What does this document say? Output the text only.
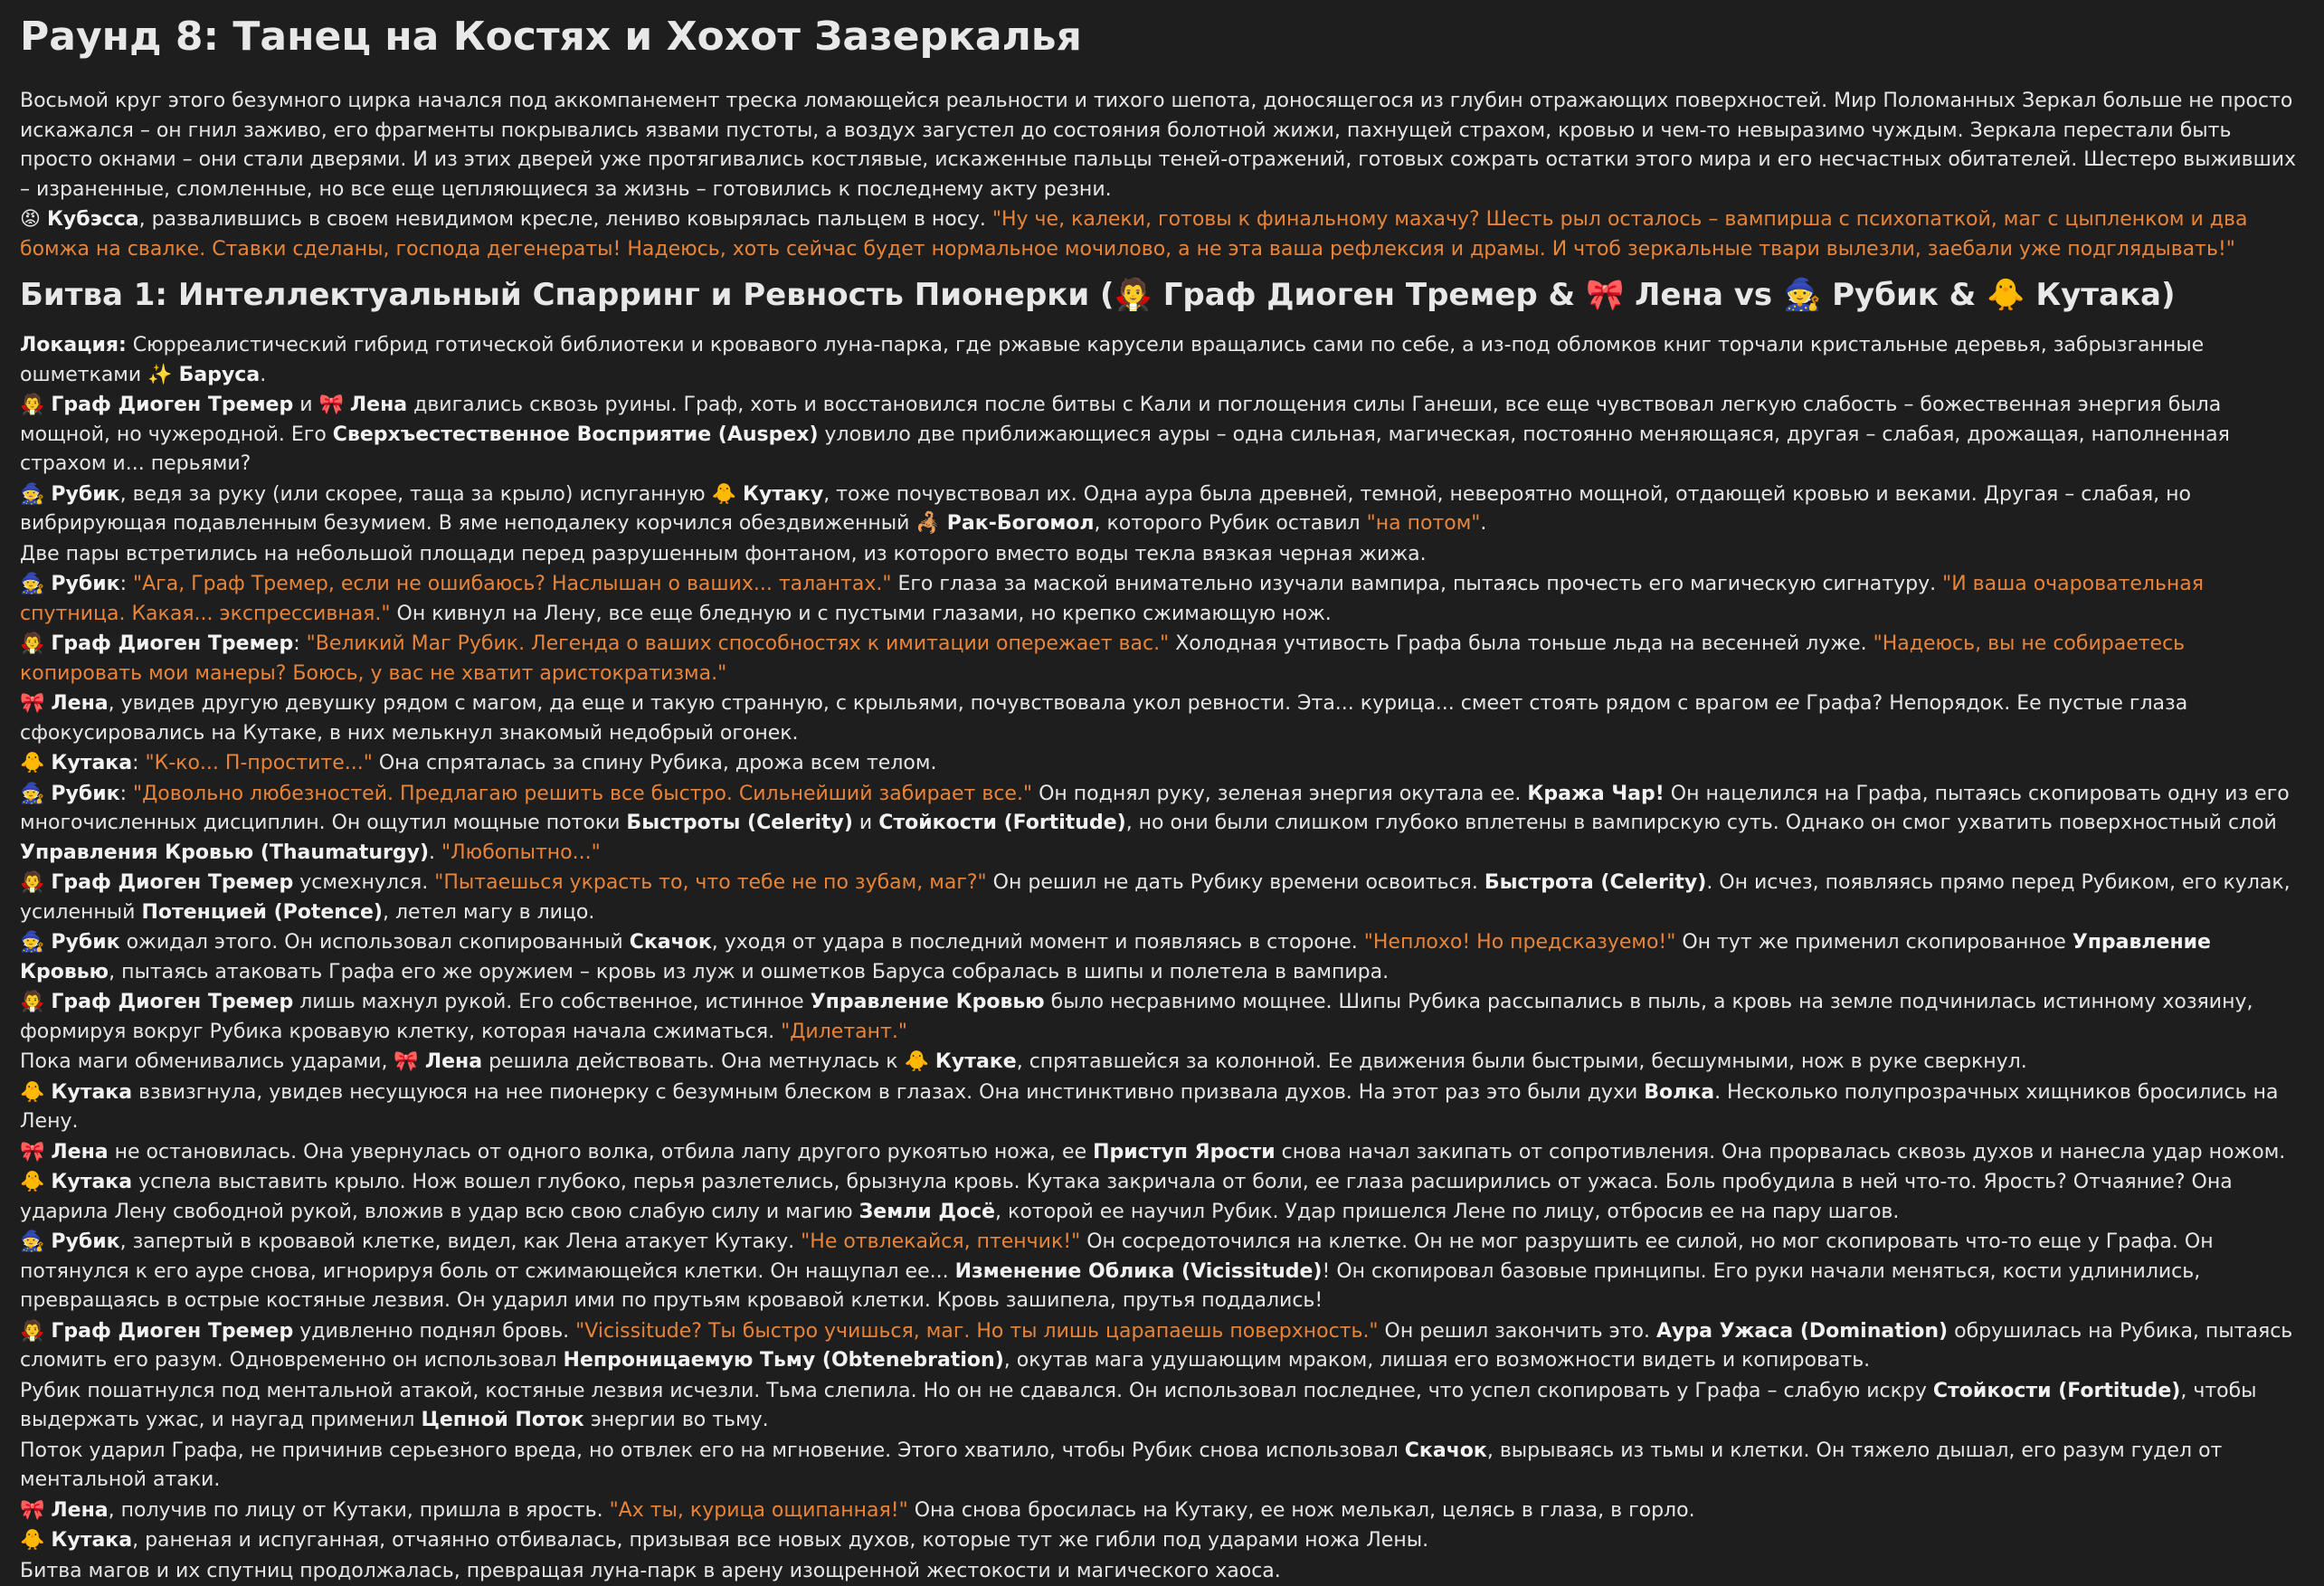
Раунд 8: Танец на Костях и Хохот Зазеркалья

Восьмой круг этого безумного цирка начался под аккомпанемент треска ломающейся реальности и тихого шепота, доносящегося из глубин отражающих поверхностей. Мир Поломанных Зеркал больше не просто искажался – он гнил заживо, его фрагменты покрывались язвами пустоты, а воздух загустел до состояния болотной жижи, пахнущей страхом, кровью и чем-то невыразимо чуждым. Зеркала перестали быть просто окнами – они стали дверями. И из этих дверей уже протягивались костлявые, искаженные пальцы теней-отражений, готовых сожрать остатки этого мира и его несчастных обитателей. Шестеро выживших – израненные, сломленные, но все еще цепляющиеся за жизнь – готовились к последнему акту резни.

😡 Кубэсса, развалившись в своем невидимом кресле, лениво ковырялась пальцем в носу. "Ну че, калеки, готовы к финальному махачу? Шесть рыл осталось – вампирша с психопаткой, маг с цыпленком и два бомжа на свалке. Ставки сделаны, господа дегенераты! Надеюсь, хоть сейчас будет нормальное мочилово, а не эта ваша рефлексия и драмы. И чтоб зеркальные твари вылезли, заебали уже подглядывать!"

Битва 1: Интеллектуальный Спарринг и Ревность Пионерки (🧛 Граф Диоген Тремер & 🎀 Лена vs 🧙 Рубик & 🐥 Кутака)

Локация: Сюрреалистический гибрид готической библиотеки и кровавого луна-парка, где ржавые карусели вращались сами по себе, а из-под обломков книг торчали кристальные деревья, забрызганные ошметками ✨ Баруса.

🧛 Граф Диоген Тремер и 🎀 Лена двигались сквозь руины. Граф, хоть и восстановился после битвы с Кали и поглощения силы Ганеши, все еще чувствовал легкую слабость – божественная энергия была мощной, но чужеродной. Его Сверхъестественное Восприятие (Auspex) уловило две приближающиеся ауры – одна сильная, магическая, постоянно меняющаяся, другая – слабая, дрожащая, наполненная страхом и... перьями?

🧙 Рубик, ведя за руку (или скорее, таща за крыло) испуганную 🐥 Кутаку, тоже почувствовал их. Одна аура была древней, темной, невероятно мощной, отдающей кровью и веками. Другая – слабая, но вибрирующая подавленным безумием. В яме неподалеку корчился обездвиженный 🦂 Рак-Богомол, которого Рубик оставил "на потом".

Две пары встретились на небольшой площади перед разрушенным фонтаном, из которого вместо воды текла вязкая черная жижа.

🧙 Рубик: "Ага, Граф Тремер, если не ошибаюсь? Наслышан о ваших... талантах." Его глаза за маской внимательно изучали вампира, пытаясь прочесть его магическую сигнатуру. "И ваша очаровательная спутница. Какая... экспрессивная." Он кивнул на Лену, все еще бледную и с пустыми глазами, но крепко сжимающую нож.

🧛 Граф Диоген Тремер: "Великий Маг Рубик. Легенда о ваших способностях к имитации опережает вас." Холодная учтивость Графа была тоньше льда на весенней луже. "Надеюсь, вы не собираетесь копировать мои манеры? Боюсь, у вас не хватит аристократизма."

🎀 Лена, увидев другую девушку рядом с магом, да еще и такую странную, с крыльями, почувствовала укол ревности. Эта... курица... смеет стоять рядом с врагом ее Графа? Непорядок. Ее пустые глаза сфокусировались на Кутаке, в них мелькнул знакомый недобрый огонек.

🐥 Кутака: "К-ко... П-простите..." Она спряталась за спину Рубика, дрожа всем телом.

🧙 Рубик: "Довольно любезностей. Предлагаю решить все быстро. Сильнейший забирает все." Он поднял руку, зеленая энергия окутала ее. Кража Чар! Он нацелился на Графа, пытаясь скопировать одну из его многочисленных дисциплин. Он ощутил мощные потоки Быстроты (Celerity) и Стойкости (Fortitude), но они были слишком глубоко вплетены в вампирскую суть. Однако он смог ухватить поверхностный слой Управления Кровью (Thaumaturgy). "Любопытно..."

🧛 Граф Диоген Тремер усмехнулся. "Пытаешься украсть то, что тебе не по зубам, маг?" Он решил не дать Рубику времени освоиться. Быстрота (Celerity). Он исчез, появляясь прямо перед Рубиком, его кулак, усиленный Потенцией (Potence), летел магу в лицо.

🧙 Рубик ожидал этого. Он использовал скопированный Скачок, уходя от удара в последний момент и появляясь в стороне. "Неплохо! Но предсказуемо!" Он тут же применил скопированное Управление Кровью, пытаясь атаковать Графа его же оружием – кровь из луж и ошметков Баруса собралась в шипы и полетела в вампира.

🧛 Граф Диоген Тремер лишь махнул рукой. Его собственное, истинное Управление Кровью было несравнимо мощнее. Шипы Рубика рассыпались в пыль, а кровь на земле подчинилась истинному хозяину, формируя вокруг Рубика кровавую клетку, которая начала сжиматься. "Дилетант."

Пока маги обменивались ударами, 🎀 Лена решила действовать. Она метнулась к 🐥 Кутаке, спрятавшейся за колонной. Ее движения были быстрыми, бесшумными, нож в руке сверкнул.

🐥 Кутака взвизгнула, увидев несущуюся на нее пионерку с безумным блеском в глазах. Она инстинктивно призвала духов. На этот раз это были духи Волка. Несколько полупрозрачных хищников бросились на Лену.

🎀 Лена не остановилась. Она увернулась от одного волка, отбила лапу другого рукоятью ножа, ее Приступ Ярости снова начал закипать от сопротивления. Она прорвалась сквозь духов и нанесла удар ножом.

🐥 Кутака успела выставить крыло. Нож вошел глубоко, перья разлетелись, брызнула кровь. Кутака закричала от боли, ее глаза расширились от ужаса. Боль пробудила в ней что-то. Ярость? Отчаяние? Она ударила Лену свободной рукой, вложив в удар всю свою слабую силу и магию Земли Досё, которой ее научил Рубик. Удар пришелся Лене по лицу, отбросив ее на пару шагов.

🧙 Рубик, запертый в кровавой клетке, видел, как Лена атакует Кутаку. "Не отвлекайся, птенчик!" Он сосредоточился на клетке. Он не мог разрушить ее силой, но мог скопировать что-то еще у Графа. Он потянулся к его ауре снова, игнорируя боль от сжимающейся клетки. Он нащупал ее... Изменение Облика (Vicissitude)! Он скопировал базовые принципы. Его руки начали меняться, кости удлинились, превращаясь в острые костяные лезвия. Он ударил ими по прутьям кровавой клетки. Кровь зашипела, прутья поддались!

🧛 Граф Диоген Тремер удивленно поднял бровь. "Vicissitude? Ты быстро учишься, маг. Но ты лишь царапаешь поверхность." Он решил закончить это. Аура Ужаса (Domination) обрушилась на Рубика, пытаясь сломить его разум. Одновременно он использовал Непроницаемую Тьму (Obtenebration), окутав мага удушающим мраком, лишая его возможности видеть и копировать.

Рубик пошатнулся под ментальной атакой, костяные лезвия исчезли. Тьма слепила. Но он не сдавался. Он использовал последнее, что успел скопировать у Графа – слабую искру Стойкости (Fortitude), чтобы выдержать ужас, и наугад применил Цепной Поток энергии во тьму.

Поток ударил Графа, не причинив серьезного вреда, но отвлек его на мгновение. Этого хватило, чтобы Рубик снова использовал Скачок, вырываясь из тьмы и клетки. Он тяжело дышал, его разум гудел от ментальной атаки.

🎀 Лена, получив по лицу от Кутаки, пришла в ярость. "Ах ты, курица ощипанная!" Она снова бросилась на Кутаку, ее нож мелькал, целясь в глаза, в горло.

🐥 Кутака, раненая и испуганная, отчаянно отбивалась, призывая все новых духов, которые тут же гибли под ударами ножа Лены.

Битва магов и их спутниц продолжалась, превращая луна-парк в арену изощренной жестокости и магического хаоса.
